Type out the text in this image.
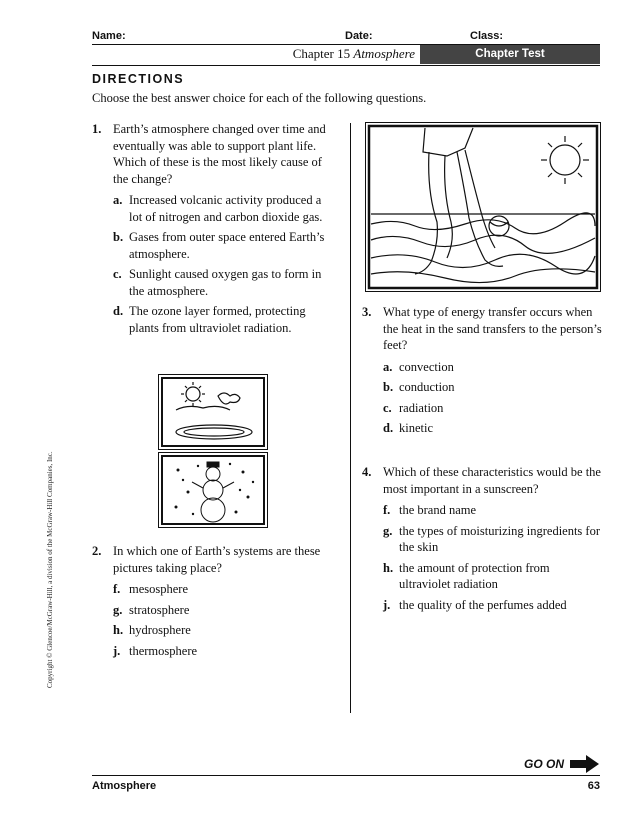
Name:	Date:	Class:
Chapter 15 Atmosphere	Chapter Test
DIRECTIONS
Choose the best answer choice for each of the following questions.
1. Earth’s atmosphere changed over time and eventually was able to support plant life. Which of these is the most likely cause of the change?
a. Increased volcanic activity produced a lot of nitrogen and carbon dioxide gas.
b. Gases from outer space entered Earth’s atmosphere.
c. Sunlight caused oxygen gas to form in the atmosphere.
d. The ozone layer formed, protecting plants from ultraviolet radiation.
2. In which one of Earth’s systems are these pictures taking place?
f. mesosphere
g. stratosphere
h. hydrosphere
j. thermosphere
3. What type of energy transfer occurs when the heat in the sand transfers to the person’s feet?
a. convection
b. conduction
c. radiation
d. kinetic
4. Which of these characteristics would be the most important in a sunscreen?
f. the brand name
g. the types of moisturizing ingredients for the skin
h. the amount of protection from ultraviolet radiation
j. the quality of the perfumes added
Copyright © Glencoe/McGraw-Hill, a division of the McGraw-Hill Companies, Inc.
GO ON
Atmosphere	63
